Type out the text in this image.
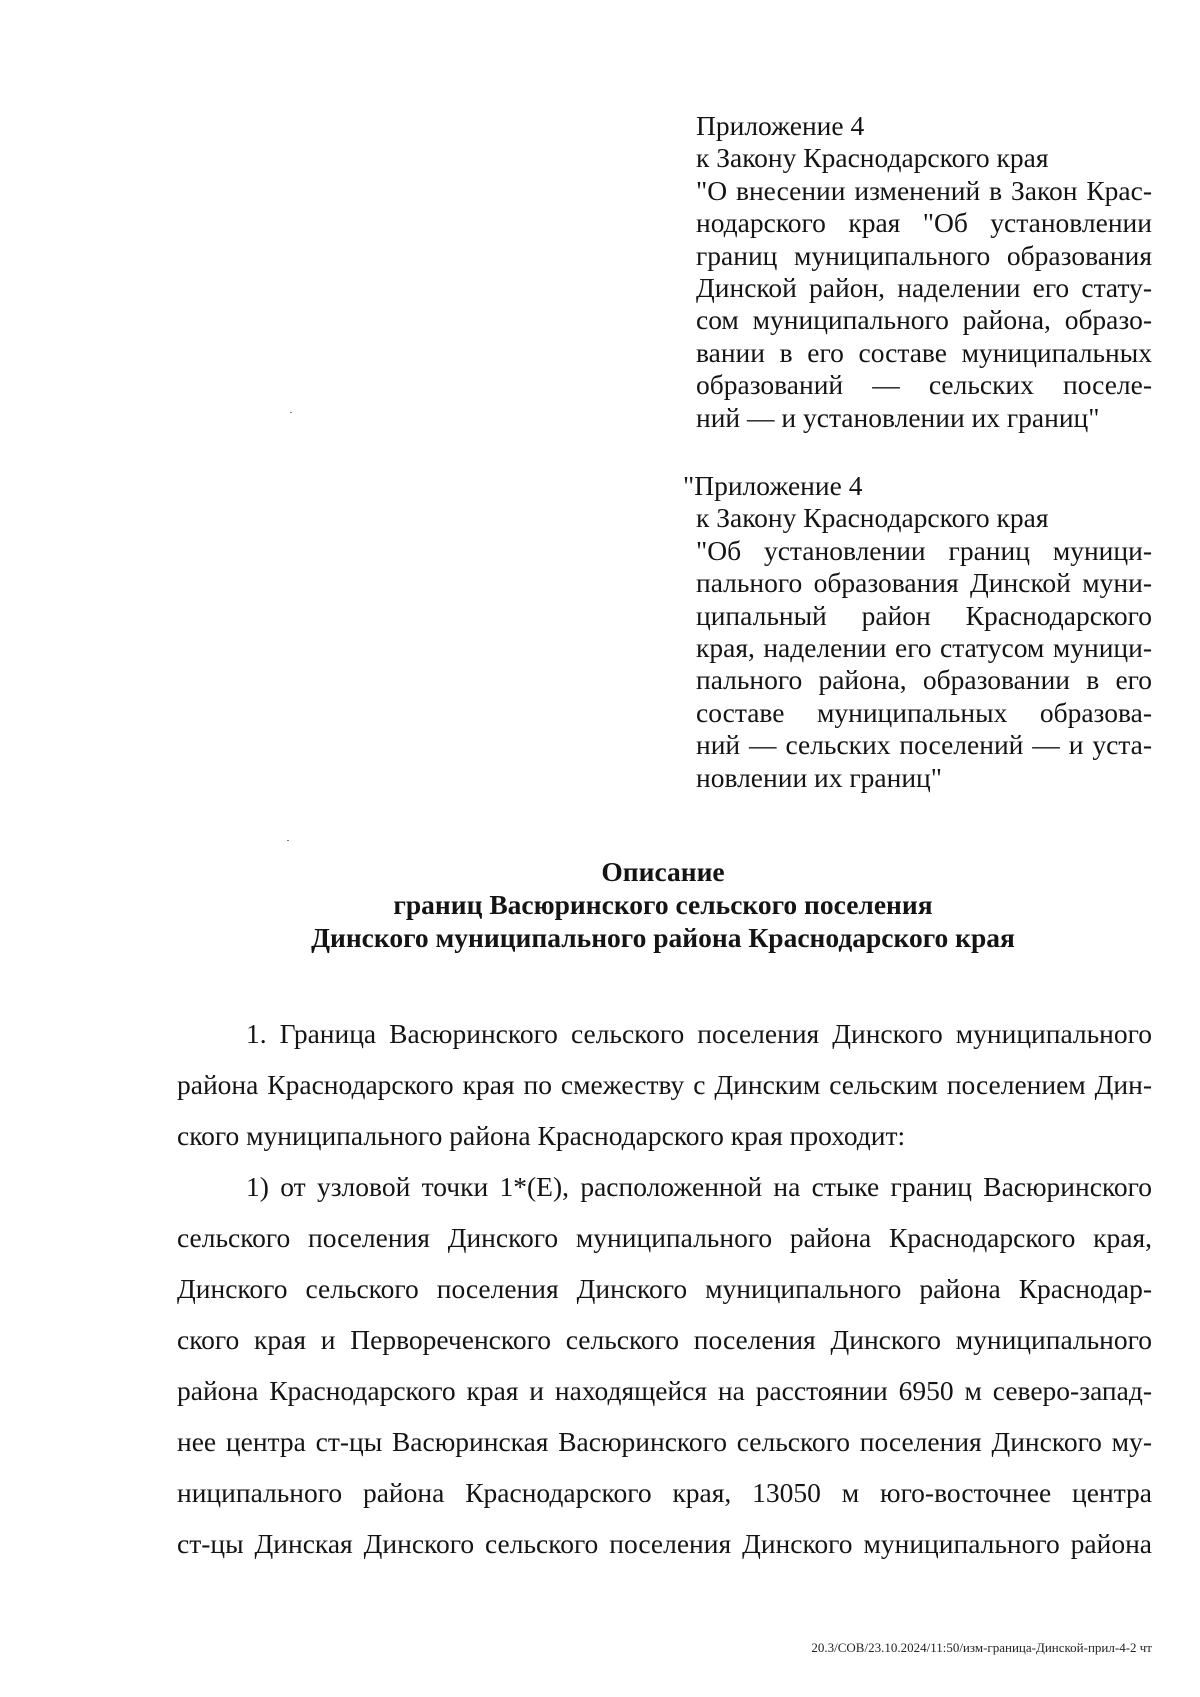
Приложение 4
к Закону Краснодарского края
"О внесении изменений в Закон Крас-
нодарского края "Об установлении
границ муниципального образования
Динской район, наделении его стату-
сом муниципального района, образо-
вании в его составе муниципальных
образований — сельских поселе-
ний — и установлении их границ"
"Приложение 4
к Закону Краснодарского края
"Об установлении границ муници-
пального образования Динской муни-
ципальный район Краснодарского
края, наделении его статусом муници-
пального района, образовании в его
составе муниципальных образова-
ний — сельских поселений — и уста-
новлении их границ"
Описание
границ Васюринского сельского поселения
Динского муниципального района Краснодарского края
1. Граница Васюринского сельского поселения Динского муниципального
района Краснодарского края по смежеству с Динским сельским поселением Дин-
ского муниципального района Краснодарского края проходит:
1) от узловой точки 1*(Е), расположенной на стыке границ Васюринского
сельского поселения Динского муниципального района Краснодарского края,
Динского сельского поселения Динского муниципального района Краснодар-
ского края и Первореченского сельского поселения Динского муниципального
района Краснодарского края и находящейся на расстоянии 6950 м северо-запад-
нее центра ст-цы Васюринская Васюринского сельского поселения Динского му-
ниципального района Краснодарского края, 13050 м юго-восточнее центра
ст-цы Динская Динского сельского поселения Динского муниципального района
20.3/СОВ/23.10.2024/11:50/изм-граница-Динской-прил-4-2 чт
